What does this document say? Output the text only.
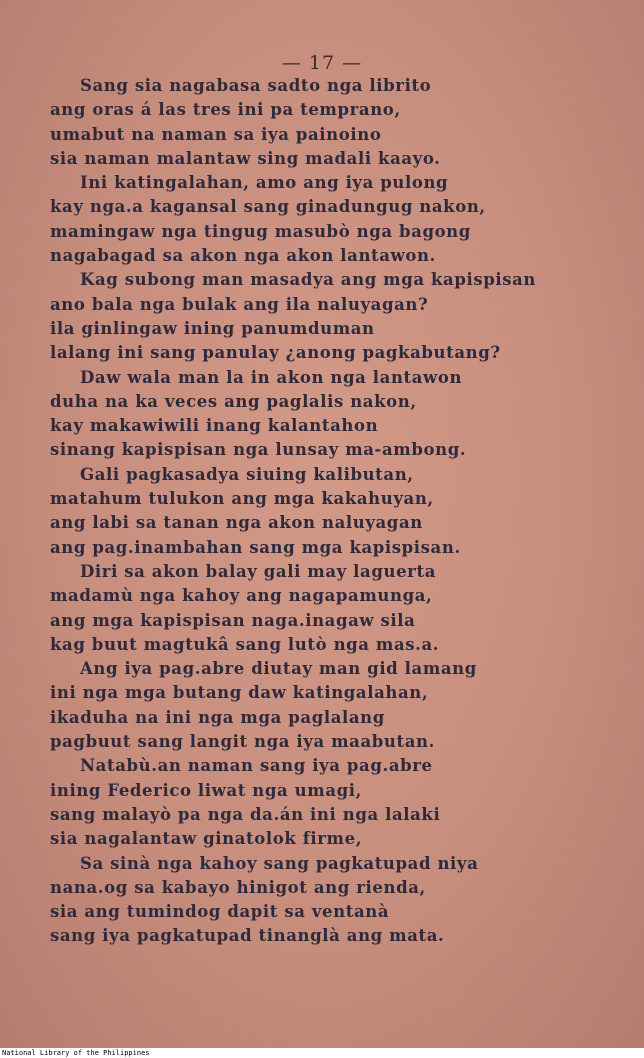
— 17 —
Sang sia nagabasa sadto nga librito
ang oras á las tres ini pa temprano,
umabut na naman sa iya painoino
sia naman malantaw sing madali kaayo.
Ini katingalahan, amo ang iya pulong
kay nga.a kagansal sang ginadungug nakon,
mamingaw nga tingug masubò nga bagong
nagabagad sa akon nga akon lantawon.
Kag subong man masadya ang mga kapispisan
ano bala nga bulak ang ila naluyagan?
ila ginlingaw ining panumduman
lalang ini sang panulay ¿anong pagkabutang?
Daw wala man la in akon nga lantawon
duha na ka veces ang paglalis nakon,
kay makawiwili inang kalantahon
sinang kapispisan nga lunsay ma-ambong.
Gali pagkasadya siuing kalibutan,
matahum tulukon ang mga kakahuyan,
ang labi sa tanan nga akon naluyagan
ang pag.inambahan sang mga kapispisan.
Diri sa akon balay gali may laguerta
madamù nga kahoy ang nagapamunga,
ang mga kapispisan naga.inagaw sila
kag buut magtukâ sang lutò nga mas.a.
Ang iya pag.abre diutay man gid lamang
ini nga mga butang daw katingalahan,
ikaduha na ini nga mga paglalang
pagbuut sang langit nga iya maabutan.
Natabù.an naman sang iya pag.abre
ining Federico liwat nga umagi,
sang malayò pa nga da.án ini nga lalaki
sia nagalantaw ginatolok firme,
Sa sinà nga kahoy sang pagkatupad niya
nana.og sa kabayo hinigot ang rienda,
sia ang tumindog dapit sa ventanà
sang iya pagkatupad tinanglà ang mata.
National Library of the Philippines
